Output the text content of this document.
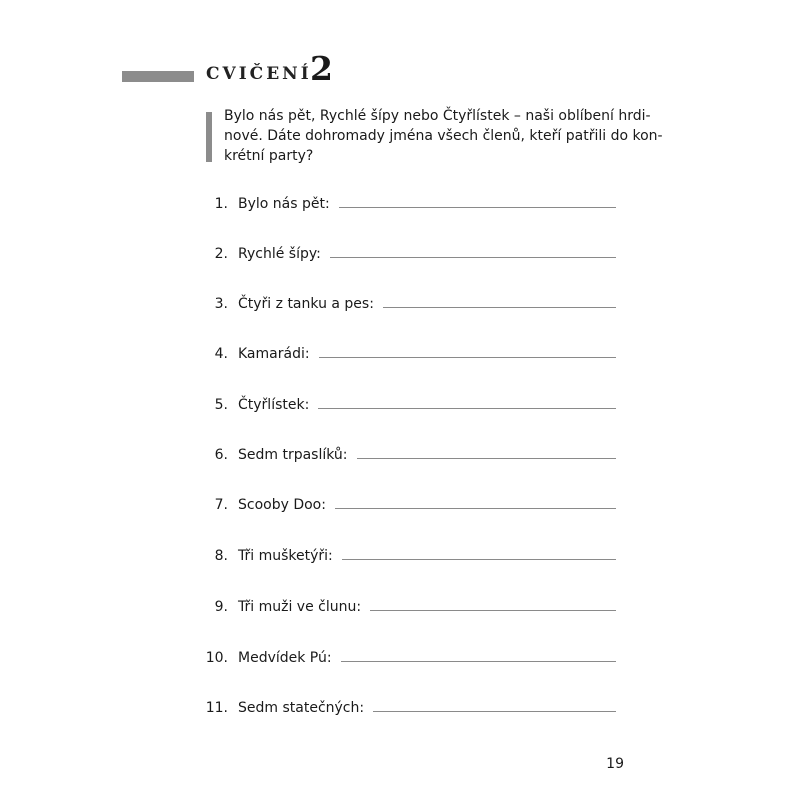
CVIČENÍ
2
Bylo nás pět, Rychlé šípy nebo Čtyřlístek – naši oblíbení hrdi-
nové. Dáte dohromady jména všech členů, kteří patřili do kon-
krétní party?
1. Bylo nás pět:
2. Rychlé šípy:
3. Čtyři z tanku a pes:
4. Kamarádi:
5. Čtyřlístek:
6. Sedm trpaslíků:
7. Scooby Doo:
8. Tři mušketýři:
9. Tři muži ve člunu:
10. Medvídek Pú:
11. Sedm statečných:
19
